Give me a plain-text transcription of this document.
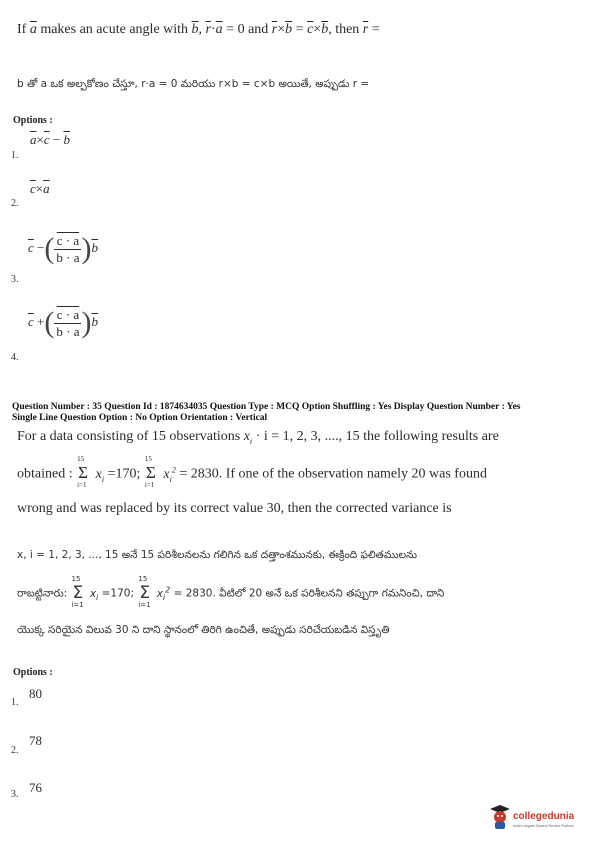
If $\overline{a}$ makes an acute angle with $\overline{b}$, $\overline{r}\cdot\overline{a} = 0$ and $\overline{r}\times\overline{b} = \overline{c}\times\overline{b}$, then $\overline{r}$ =
b ‌తో a ఒక అల్పకోణం చేస్తూ, r·a = 0 మరియు r×b = c×b అయితే, అప్పుడు r =
Options :
$\overline{a}\times\overline{c} - \overline{b}$
1.
$\overline{c}\times\overline{a}$
2.
$\overline{c}$ −( $\frac{c \cdot a}{b \cdot a} )\overline{b}$
3.
$\overline{c}$ +( $\frac{c \cdot a}{b \cdot a} )\overline{b}$
4.
Question Number : 35 Question Id : 1874634035 Question Type : MCQ Option Shuffling : Yes Display Question Number : Yes
Single Line Question Option : No Option Orientation : Vertical
For a data consisting of 15 observations $x_i \cdot i = 1$, 2, 3, ...., 15 the following results are
obtained :
15
Σ
i=1
$x_i =170$;
15
Σ
i=1
$x_i^2 = 2830$. If one of the observation namely 20 was found
wrong and was replaced by its correct value 30, then the corrected variance is
x, i = 1, 2, 3, ..., 15 అనే 15 పరిశీలనలను గలిగిన ఒక దత్తాంశమునకు, ఈక్రింది ఫలితములను
రాబట్టినారు:
15
Σ
i=1
$x_i =170$;
15
Σ
i=1
$x_i^2 = 2830$. వీటిలో 20 అనే ఒక పరిశీలనని తప్పుగా గమనించి, దాని
యొక్క సరియైన విలువ 30 ని దాని స్థానంలో తిరిగి ఉంచితే, అప్పుడు సరిచేయబడిన విస్తృతి
Options :
80
1.
78
2.
76
3.
collegedunia
India's largest Student Review Platform
